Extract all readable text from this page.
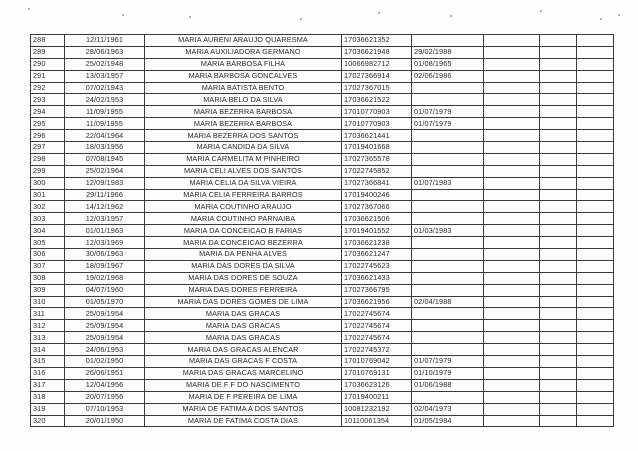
288	12/11/1961	MARIA AURENI ARAUJO QUARESMA	17036621352				
289	28/06/1963	MARIA AUXILIADORA GERMANO	17036621948	29/02/1988			
290	25/02/1948	MARIA BARBOSA FILHA	10066982712	01/08/1965			
291	13/03/1957	MARIA BARBOSA GONCALVES	17027366914	02/06/1986			
292	07/02/1943	MARIA BATISTA BENTO	17027367015				
293	24/02/1953	MARIA BELO DA SILVA	17036621522				
294	11/09/1955	MARIA BEZERRA BARBOSA	17010770903	01/07/1979			
295	11/09/1955	MARIA BEZERRA BARBOSA	17010770903	01/07/1979			
296	22/04/1964	MARIA BEZERRA DOS SANTOS	17036621441				
297	18/03/1956	MARIA CANDIDA DA SILVA	17019401668				
298	07/08/1945	MARIA CARMELITA M PINHEIRO	17027365578				
299	25/02/1964	MARIA CELI ALVES DOS SANTOS	17022745852				
300	12/09/1983	MARIA CELIA DA SILVA VIEIRA	17027366841	01/07/1983			
301	29/11/1966	MARIA CELIA FERREIRA BARROS	17019400246				
302	14/12/1962	MARIA COUTINHO ARAUJO	17027367066				
303	12/03/1957	MARIA COUTINHO PARNAIBA	17036621506				
304	01/01/1963	MARIA DA CONCEICAO B FARIAS	17019401552	01/03/1983			
305	12/03/1969	MARIA DA CONCEICAO BEZERRA	17036621238				
306	30/06/1963	MARIA DA PENHA ALVES	17036621247				
307	18/09/1967	MARIA DAS DORES DA SILVA	17022745623				
308	19/02/1968	MARIA DAS DORES DE SOUZA	17036621433				
309	04/07/1960	MARIA DAS DORES FERREIRA	17027366795				
310	01/05/1970	MARIA DAS DORES GOMES DE LIMA	17036621956	02/04/1988			
311	25/09/1954	MARIA DAS GRACAS	17022745674				
312	25/09/1954	MARIA DAS GRACAS	17022745674				
313	25/09/1954	MARIA DAS GRACAS	17022745674				
314	24/06/1953	MARIA DAS GRACAS ALENCAR	17022745372				
315	01/02/1950	MARIA DAS GRACAS F COSTA	17010769042	01/07/1979			
316	26/06/1951	MARIA DAS GRACAS MARCELINO	17010769131	01/10/1979			
317	12/04/1956	MARIA DE F F DO NASCIMENTO	17036623126	01/06/1988			
318	20/07/1956	MARIA DE F PEREIRA DE LIMA	17019400211				
319	07/10/1953	MARIA DE FATIMA A DOS SANTOS	10081232192	02/04/1973			
320	20/01/1950	MARIA DE FATIMA COSTA DIAS	10110061354	01/05/1984			
